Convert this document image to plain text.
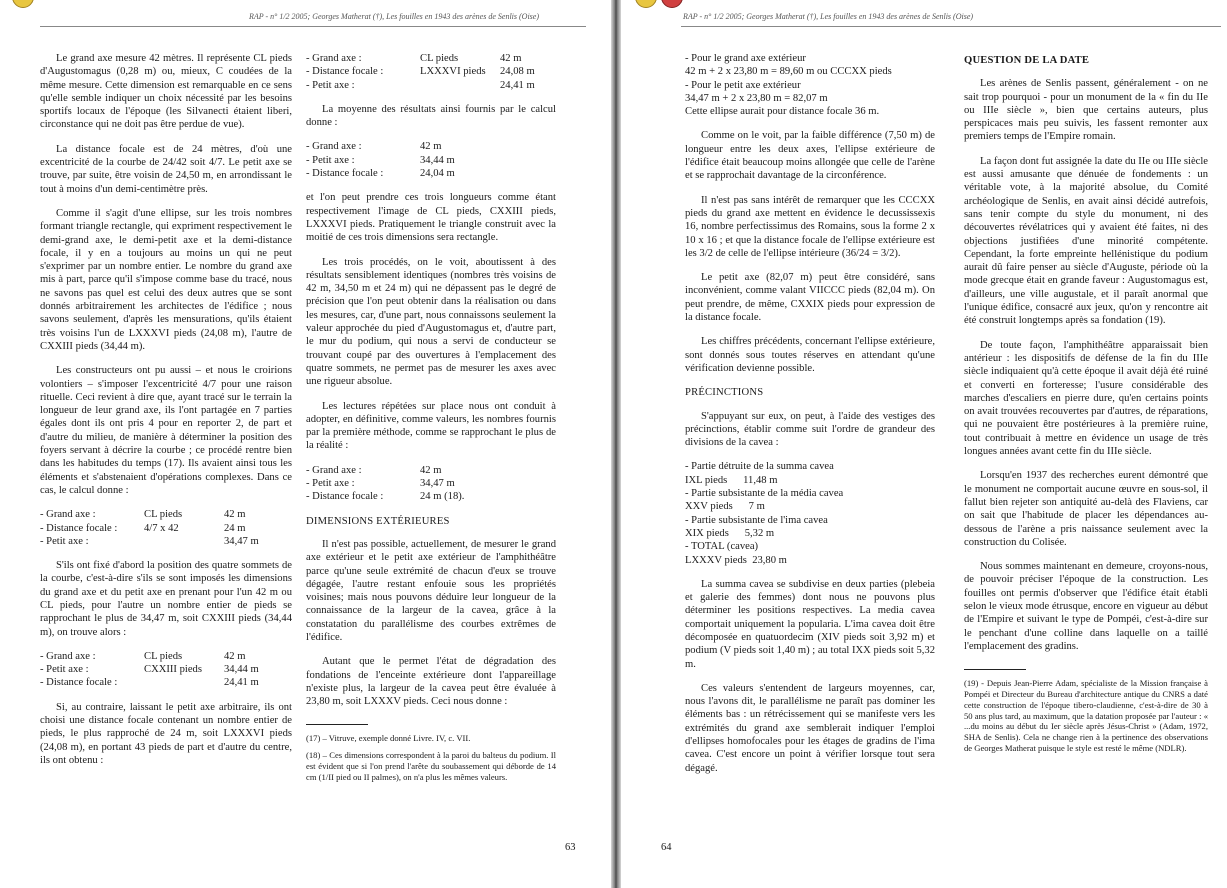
RAP - n° 1/2 2005; Georges Matherat (†), Les fouilles en 1943 des arènes de Senlis (Oise)

Le grand axe mesure 42 mètres. Il représente CL pieds d'Augustomagus (0,28 m) ou, mieux, C coudées de la même mesure. Cette dimension est remarquable en ce sens qu'elle semble indiquer un choix nécessité par les besoins sportifs locaux de l'époque (les Silvanecti étaient liberi, circonstance qui ne doit pas être perdue de vue).

La distance focale est de 24 mètres, d'où une excentricité de la courbe de 24/42 soit 4/7. Le petit axe se trouve, par suite, être voisin de 24,50 m, en arrondissant le tout à moins d'un demi-centimètre près.

Comme il s'agit d'une ellipse, sur les trois nombres formant triangle rectangle, qui expriment respectivement le demi-grand axe, le demi-petit axe et la demi-distance focale, il y en a toujours au moins un qui ne peut s'exprimer par un nombre entier. Le nombre du grand axe mis à part, parce qu'il s'impose comme base du tracé, nous ne savons pas quel est celui des deux autres que se sont donnés arbitrairement les architectes de l'édifice ; nous savons seulement, d'après les mensurations, qu'ils étaient très voisins l'un de LXXXVI pieds (24,08 m), l'autre de CXXIII pieds (34,44 m).

Les constructeurs ont pu aussi – et nous le croirions volontiers – s'imposer l'excentricité 4/7 pour une raison rituelle. Ceci revient à dire que, ayant tracé sur le terrain la longueur de leur grand axe, ils l'ont partagée en 7 parties égales dont ils ont pris 4 pour en reporter 2, de part et d'autre du milieu, de manière à déterminer la position des foyers servant à décrire la courbe ; ce procédé rentre bien dans les habitudes du temps (17). Ils avaient ainsi tous les éléments et s'abstenaient d'opérations complexes. Dans ce cas, le calcul donne :

- Grand axe :	CL pieds	42 m
- Distance focale :	4/7 x 42	24 m
- Petit axe :	34,47 m

S'ils ont fixé d'abord la position des quatre sommets de la courbe, c'est-à-dire s'ils se sont imposés les dimensions du grand axe et du petit axe en prenant pour l'un 42 m ou CL pieds, pour l'autre un nombre entier de pieds se rapprochant le plus de 34,47 m, soit CXXIII pieds (34,44 m), on trouve alors :

- Grand axe :	CL pieds	42 m
- Petit axe :	CXXIII pieds	34,44 m
- Distance focale :	24,41 m

Si, au contraire, laissant le petit axe arbitraire, ils ont choisi une distance focale contenant un nombre entier de pieds, le plus rapproché de 24 m, soit LXXXVI pieds (24,08 m), en portant 43 pieds de part et d'autre du centre, ils ont obtenu :

- Grand axe :	CL pieds	42 m
- Distance focale :	LXXXVI pieds	24,08 m
- Petit axe :	24,41 m

La moyenne des résultats ainsi fournis par le calcul donne :

- Grand axe :	42 m
- Petit axe :	34,44 m
- Distance focale :	24,04 m

et l'on peut prendre ces trois longueurs comme étant respectivement l'image de CL pieds, CXXIII pieds, LXXXVI pieds. Pratiquement le triangle construit avec la moitié de ces trois dimensions sera rectangle.

Les trois procédés, on le voit, aboutissent à des résultats sensiblement identiques (nombres très voisins de 42 m, 34,50 m et 24 m) qui ne dépassent pas le degré de précision que l'on peut obtenir dans la réalisation ou dans les mesures, car, d'une part, nous connaissons seulement la valeur approchée du pied d'Augustomagus et, d'autre part, le mur du podium, qui nous a servi de conducteur se trouvant coupé par des ouvertures à l'emplacement des quatre sommets, ne permet pas de mesurer les axes avec une rigueur absolue.

Les lectures répétées sur place nous ont conduit à adopter, en définitive, comme valeurs, les nombres fournis par la première méthode, comme se rapprochant le plus de la réalité :

- Grand axe :	42 m
- Petit axe :	34,47 m
- Distance focale :	24 m (18).
DIMENSIONS EXTÉRIEURES

Il n'est pas possible, actuellement, de mesurer le grand axe extérieur et le petit axe extérieur de l'amphithéâtre parce qu'une seule extrémité de chacun d'eux se trouve dégagée, l'autre restant enfouie sous les propriétés voisines; mais nous pouvons déduire leur longueur de la connaissance de la largeur de la cavea, grâce à la constatation du parallélisme des courbes extrêmes de l'édifice.

Autant que le permet l'état de dégradation des fondations de l'enceinte extérieure dont l'appareillage n'existe plus, la largeur de la cavea peut être évaluée à 23,80 m, soit LXXXV pieds. Ceci nous donne :

(17) – Vitruve, exemple donné Livre. IV, c. VII.
(18) – Ces dimensions correspondent à la paroi du balteus du podium. Il est évident que si l'on prend l'arête du soubassement qui déborde de 14 cm (1/II pied ou II palmes), on n'a plus les mêmes valeurs.
63
RAP - n° 1/2 2005; Georges Matherat (†), Les fouilles en 1943 des arènes de Senlis (Oise)
- Pour le grand axe extérieur
42 m + 2 x 23,80 m = 89,60 m ou CCCXX pieds
- Pour le petit axe extérieur
34,47 m + 2 x 23,80 m = 82,07 m
Cette ellipse aurait pour distance focale 36 m.

Comme on le voit, par la faible différence (7,50 m) de longueur entre les deux axes, l'ellipse extérieure de l'édifice était beaucoup moins allongée que celle de l'arène et se rapprochait davantage de la circonférence.

Il n'est pas sans intérêt de remarquer que les CCCXX pieds du grand axe mettent en évidence le decussissexis 16, nombre perfectissimus des Romains, sous la forme 2 x 10 x 16 ; et que la distance focale de l'ellipse extérieure est les 3/2 de celle de l'ellipse intérieure (36/24 = 3/2).

Le petit axe (82,07 m) peut être considéré, sans inconvénient, comme valant VIICCC pieds (82,04 m). On peut prendre, de même, CXXIX pieds pour expression de la distance focale.

Les chiffres précédents, concernant l'ellipse extérieure, sont donnés sous toutes réserves en attendant qu'une vérification devienne possible.

PRÉCINCTIONS

S'appuyant sur eux, on peut, à l'aide des vestiges des précinctions, établir comme suit l'ordre de grandeur des divisions de la cavea :

- Partie détruite de la summa cavea
IXL pieds      11,48 m
- Partie subsistante de la média cavea
XXV pieds      7 m
- Partie subsistante de l'ima cavea
XIX pieds      5,32 m
- TOTAL (cavea)
LXXXV pieds  23,80 m

La summa cavea se subdivise en deux parties (plebeia et galerie des femmes) dont nous ne pouvons plus déterminer les positions respectives. La media cavea comportait uniquement la popularia. L'ima cavea doit être décomposée en quatuordecim (XIV pieds soit 3,92 m) et podium (V pieds soit 1,40 m) ; au total IXX pieds soit 5,32 m.

Ces valeurs s'entendent de largeurs moyennes, car, nous l'avons dit, le parallélisme ne paraît pas dominer les éléments bas : un rétrécissement qui se manifeste vers les extrémités du grand axe semblerait indiquer l'emploi d'ellipses homofocales pour les étages de gradins de l'ima cavea. C'est encore un point à vérifier lorsque tout sera dégagé.

QUESTION DE LA DATE

Les arènes de Senlis passent, généralement - on ne sait trop pourquoi - pour un monument de la « fin du IIe ou IIIe siècle », bien que certains auteurs, plus perspicaces mais peu suivis, les fassent remonter aux premiers temps de l'Empire romain.

La façon dont fut assignée la date du IIe ou IIIe siècle est aussi amusante que dénuée de fondements : un véritable vote, à la majorité absolue, du Comité archéologique de Senlis, en avait ainsi décidé autrefois, sans tenir compte du style du monument, ni des découvertes révélatrices qui y avaient été faites, ni des objections justifiées d'une minorité compétente. Cependant, la forte empreinte hellénistique du podium aurait dû faire penser au siècle d'Auguste, période où la mode grecque était en grande faveur : Augustomagus est, d'ailleurs, une ville augustale, et il paraît anormal que l'unique édifice, consacré aux jeux, qu'on y rencontre ait été construit longtemps après sa fondation (19).

De toute façon, l'amphithéâtre apparaissait bien antérieur : les dispositifs de défense de la fin du IIIe siècle indiquaient qu'à cette époque il avait déjà été ruiné et converti en forteresse; l'usure considérable des marches d'escaliers en pierre dure, qu'en certains points on avait trouvées recouvertes par d'autres, de réparations, qui ne pouvaient être postérieures à la première ruine, tout contribuait à mettre en évidence un usage de très longues années avant cette fin du IIIe siècle.

Lorsqu'en 1937 des recherches eurent démontré que le monument ne comportait aucune œuvre en sous-sol, il fallut bien rejeter son antiquité au-delà des Flaviens, car on sait que l'habitude de placer les dépendances au-dessous de l'arène a pris naissance seulement avec la construction du Colisée.

Nous sommes maintenant en demeure, croyons-nous, de pouvoir préciser l'époque de la construction. Les fouilles ont permis d'observer que l'édifice était établi selon le vieux mode étrusque, encore en vigueur au début de l'Empire et suivant le type de Pompéi, c'est-à-dire sur le penchant d'une colline dans laquelle on a taillé l'emplacement des gradins.

(19) - Depuis Jean-Pierre Adam, spécialiste de la Mission française à Pompéi et Directeur du Bureau d'architecture antique du CNRS a daté cette construction de l'époque tibero-claudienne, c'est-à-dire de 30 à 50 ans plus tard, au maximum, que la datation proposée par l'auteur : « ...du moins au début du Ier siècle après Jésus-Christ » (Adam, 1972, SHA de Senlis). Cela ne change rien à la pertinence des observations de Georges Matherat puisque le style est resté le même (NDLR).
64
